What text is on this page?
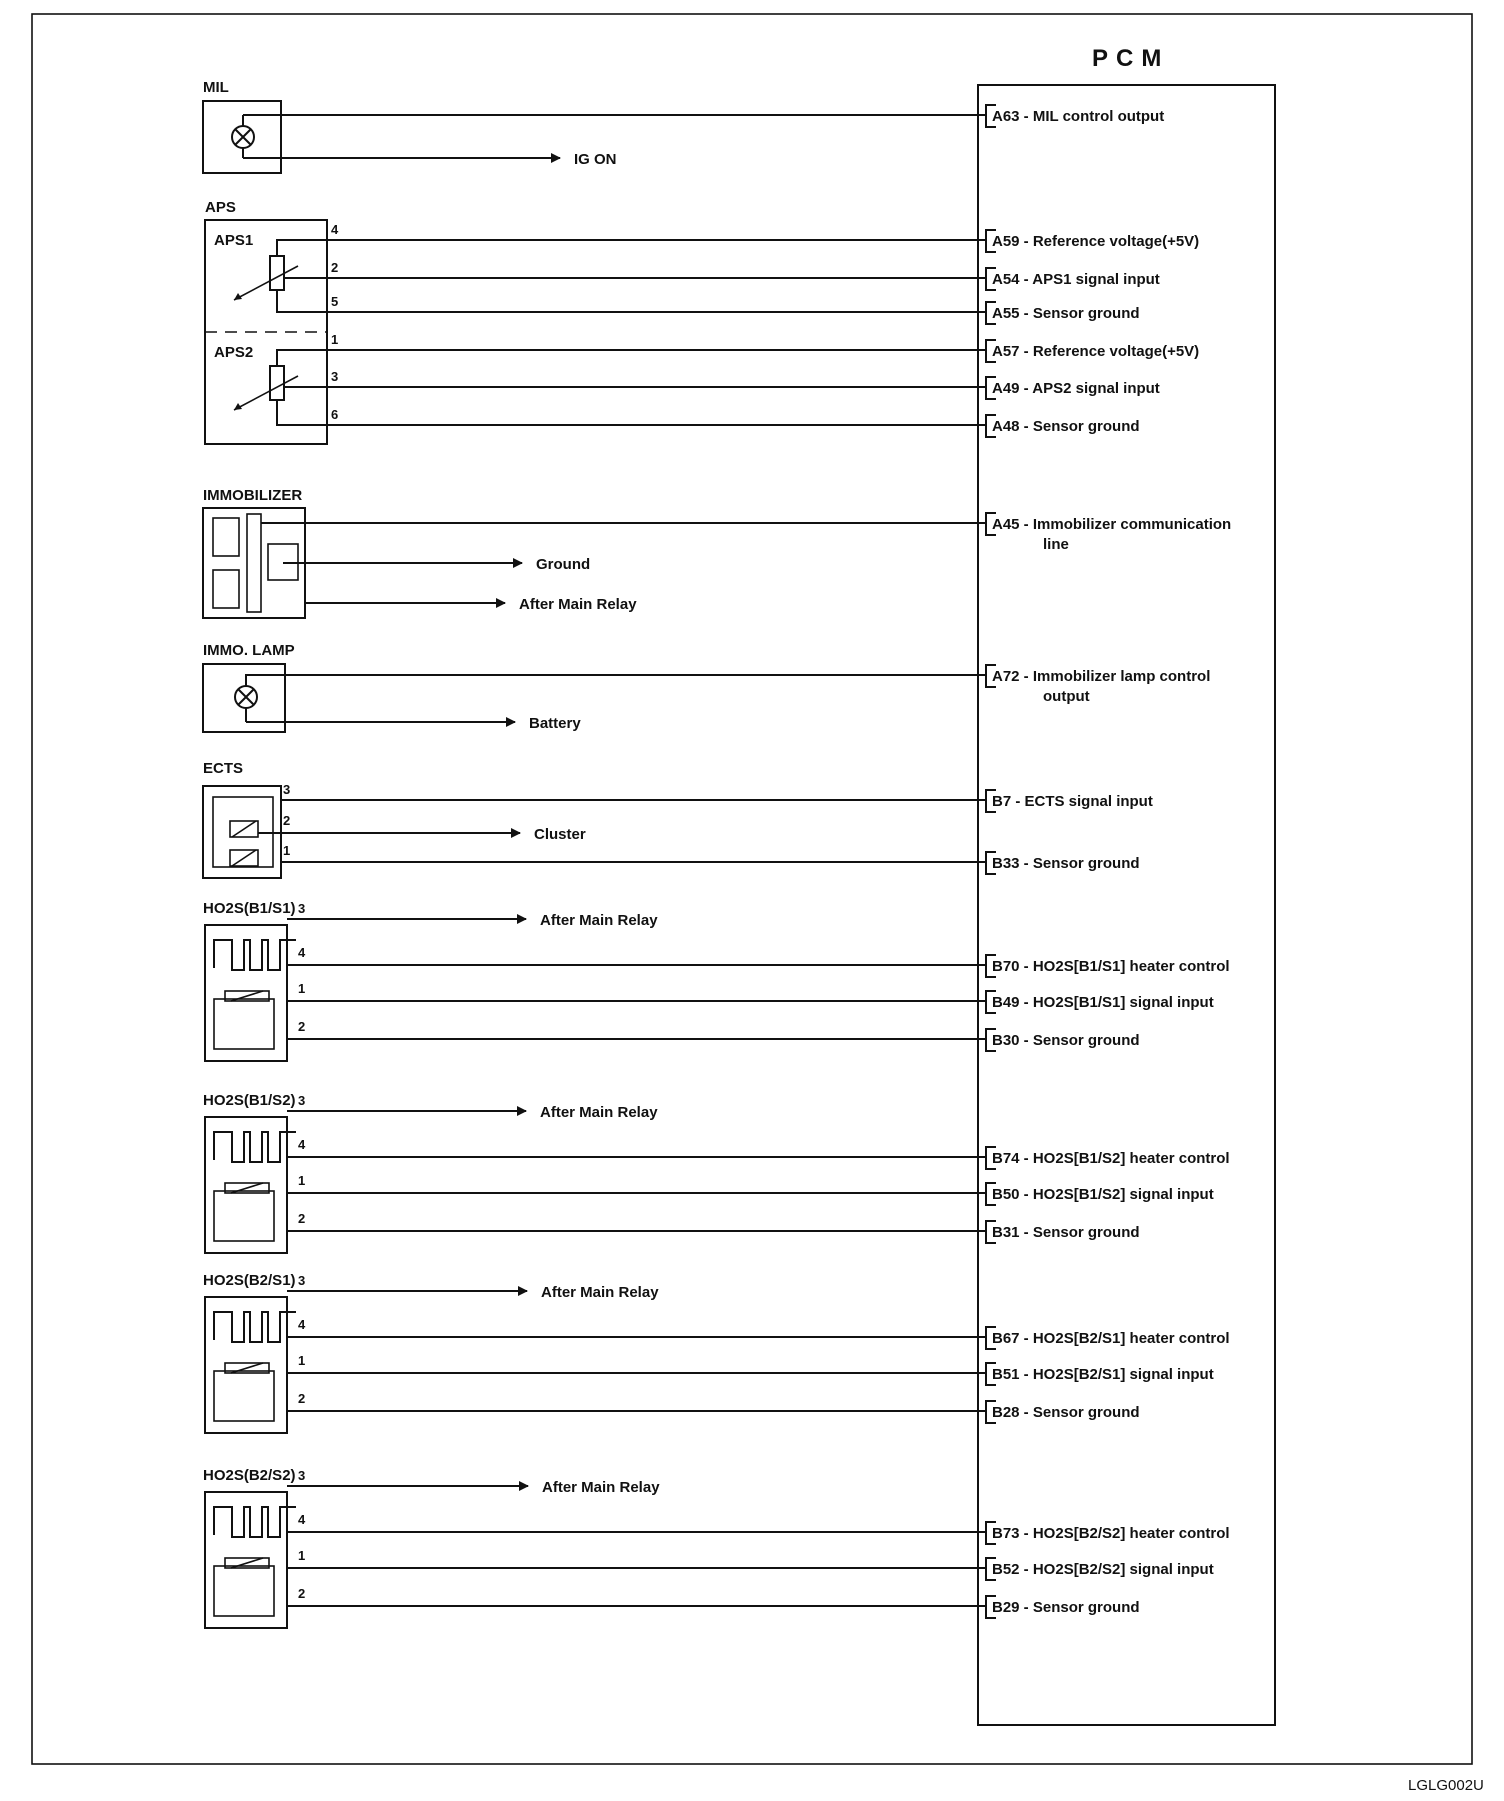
PCM
LGLG002U
MIL
A63 - MIL control output
IG ON
APS
APS1
APS2
4
A59 - Reference voltage(+5V)
2
A54 - APS1 signal input
5
A55 - Sensor ground
1
A57 - Reference voltage(+5V)
3
A49 - APS2 signal input
6
A48 - Sensor ground
IMMOBILIZER
A45 - Immobilizer communication
line
Ground
After Main Relay
IMMO. LAMP
A72 - Immobilizer lamp control
output
Battery
ECTS
3
B7 - ECTS signal input
2
Cluster
1
B33 - Sensor ground
HO2S(B1/S1) 3
After Main Relay
4
B70 - HO2S[B1/S1] heater control
1
B49 - HO2S[B1/S1] signal input
2
B30 - Sensor ground
HO2S(B1/S2) 3
After Main Relay
4
B74 - HO2S[B1/S2] heater control
1
B50 - HO2S[B1/S2] signal input
2
B31 - Sensor ground
HO2S(B2/S1) 3
After Main Relay
4
B67 - HO2S[B2/S1] heater control
1
B51 - HO2S[B2/S1] signal input
2
B28 - Sensor ground
HO2S(B2/S2) 3
After Main Relay
4
B73 - HO2S[B2/S2] heater control
1
B52 - HO2S[B2/S2] signal input
2
B29 - Sensor ground
